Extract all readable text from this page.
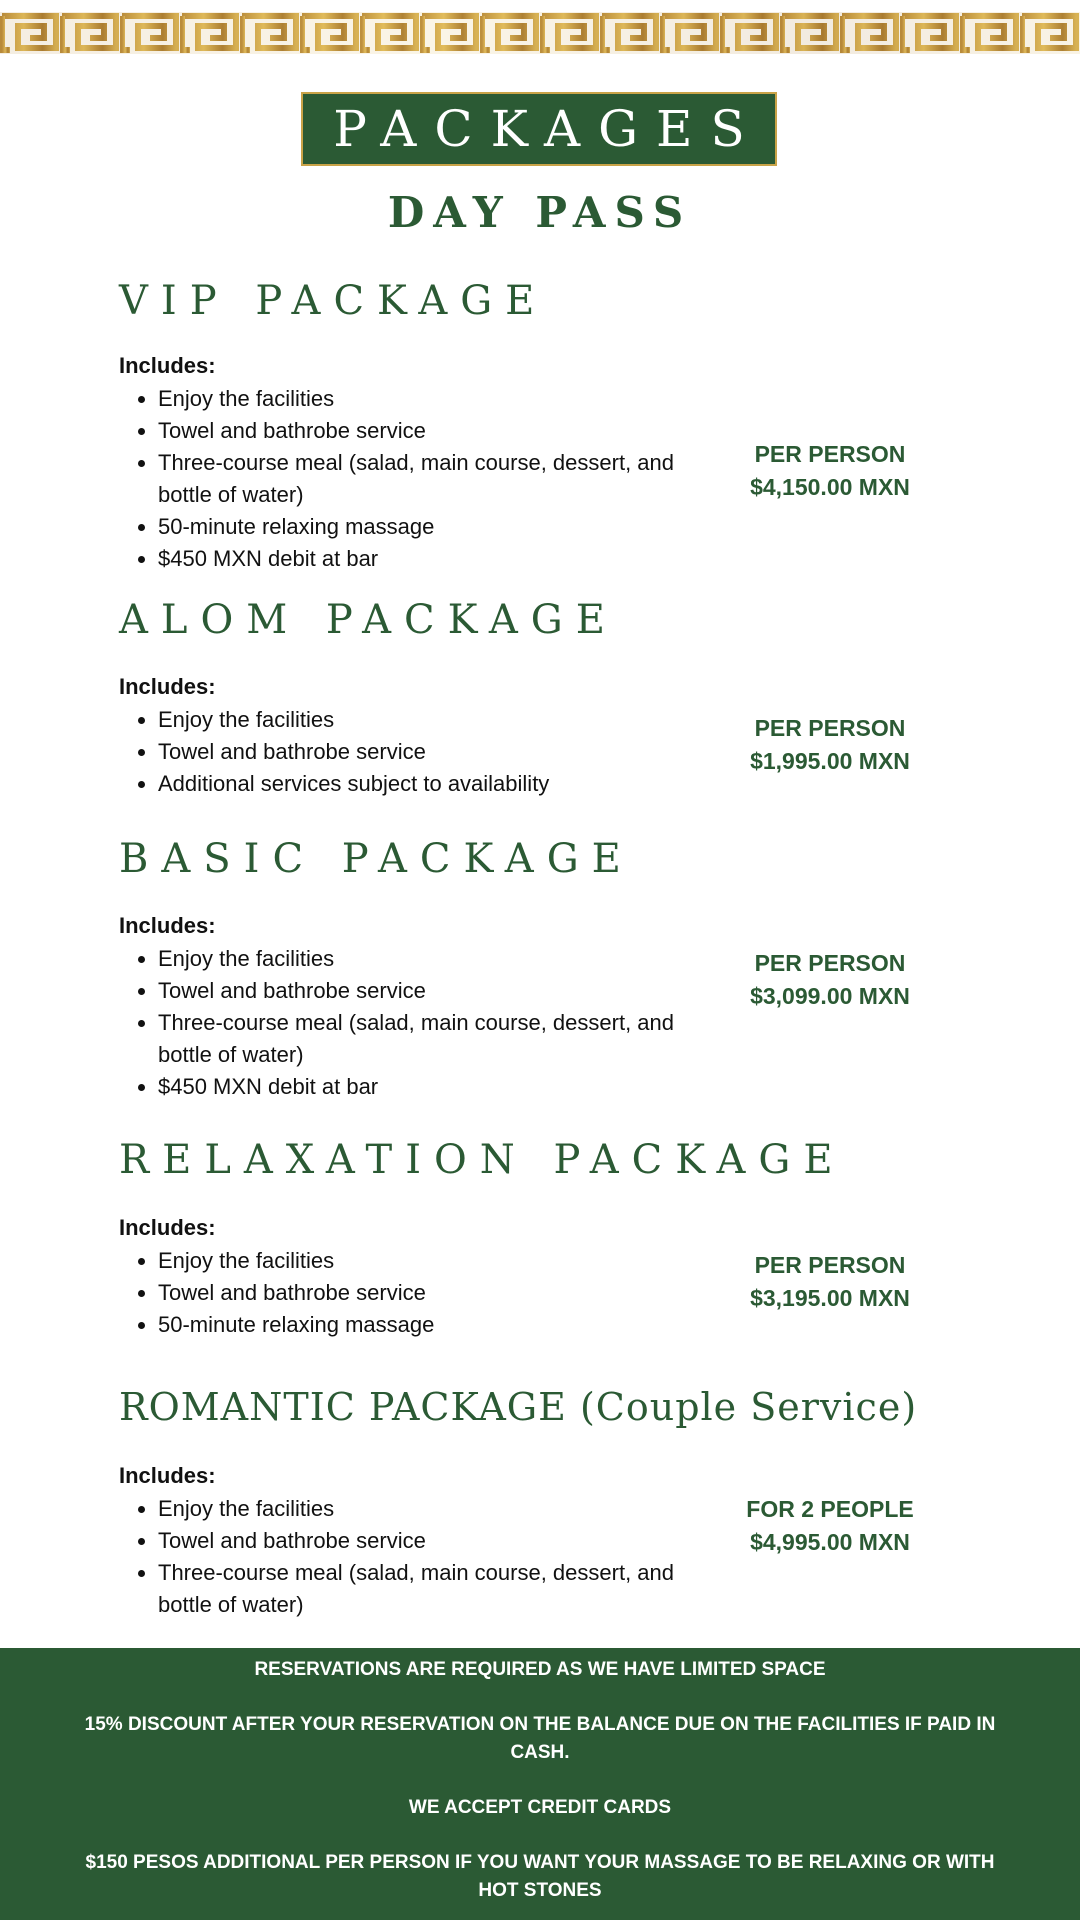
PACKAGES
DAY PASS
VIP PACKAGE
Includes:
• Enjoy the facilities
• Towel and bathrobe service
• Three-course meal (salad, main course, dessert, and bottle of water)
• 50-minute relaxing massage
• $450 MXN debit at bar
PER PERSON
$4,150.00 MXN
ALOM PACKAGE
Includes:
• Enjoy the facilities
• Towel and bathrobe service
• Additional services subject to availability
PER PERSON
$1,995.00 MXN
BASIC PACKAGE
Includes:
• Enjoy the facilities
• Towel and bathrobe service
• Three-course meal (salad, main course, dessert, and bottle of water)
• $450 MXN debit at bar
PER PERSON
$3,099.00 MXN
RELAXATION PACKAGE
Includes:
• Enjoy the facilities
• Towel and bathrobe service
• 50-minute relaxing massage
PER PERSON
$3,195.00 MXN
ROMANTIC PACKAGE (Couple Service)
Includes:
• Enjoy the facilities
• Towel and bathrobe service
• Three-course meal (salad, main course, dessert, and bottle of water)
FOR 2 PEOPLE
$4,995.00 MXN

RESERVATIONS ARE REQUIRED AS WE HAVE LIMITED SPACE

15% DISCOUNT AFTER YOUR RESERVATION ON THE BALANCE DUE ON THE FACILITIES IF PAID IN CASH.

WE ACCEPT CREDIT CARDS

$150 PESOS ADDITIONAL PER PERSON IF YOU WANT YOUR MASSAGE TO BE RELAXING OR WITH HOT STONES
